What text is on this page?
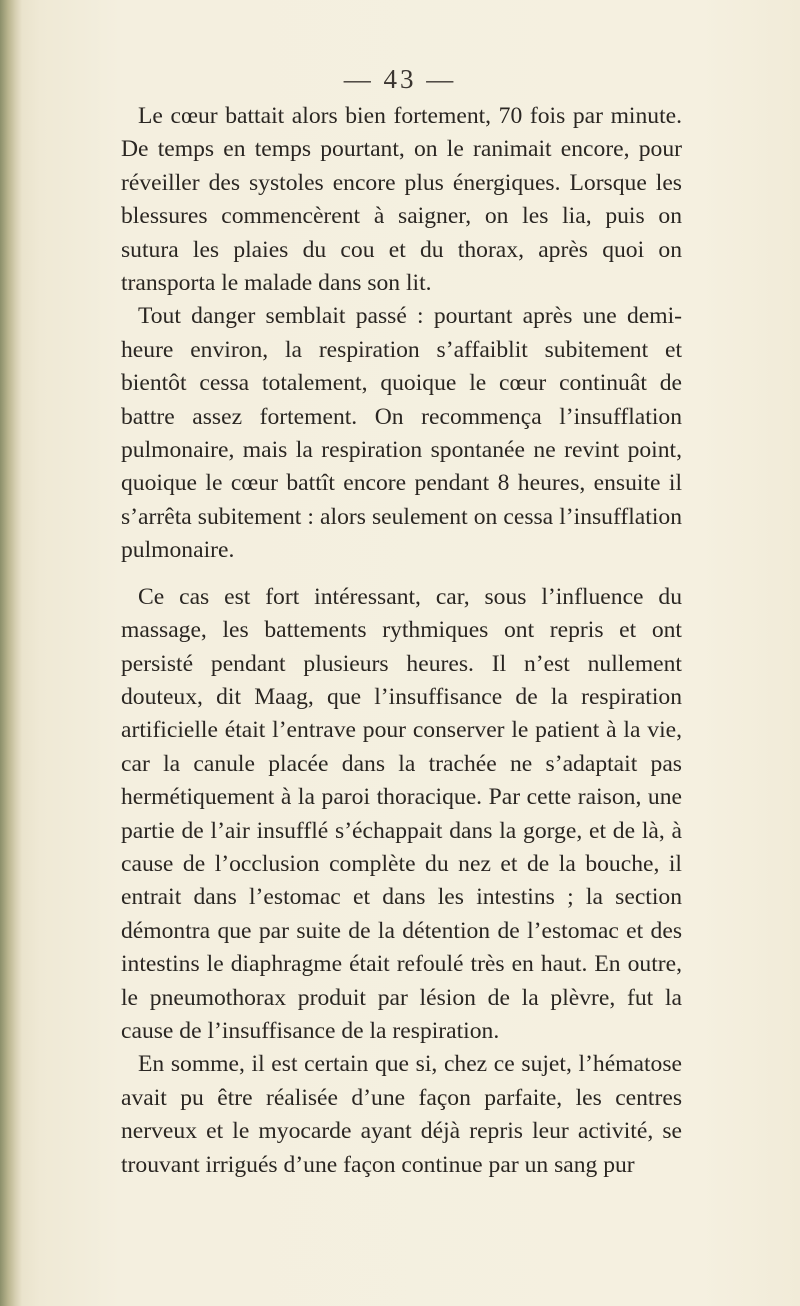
— 43 —

Le cœur battait alors bien fortement, 70 fois par minute. De temps en temps pourtant, on le ranimait encore, pour réveiller des systoles encore plus énergiques. Lorsque les blessures commencèrent à saigner, on les lia, puis on sutura les plaies du cou et du thorax, après quoi on transporta le malade dans son lit.

Tout danger semblait passé : pourtant après une demi-heure environ, la respiration s’affaiblit subitement et bientôt cessa totalement, quoique le cœur continuât de battre assez fortement. On recommença l’insufflation pulmonaire, mais la respiration spontanée ne revint point, quoique le cœur battît encore pendant 8 heures, ensuite il s’arrêta subitement : alors seulement on cessa l’insufflation pulmonaire.

Ce cas est fort intéressant, car, sous l’influence du massage, les battements rythmiques ont repris et ont persisté pendant plusieurs heures. Il n’est nullement douteux, dit Maag, que l’insuffisance de la respiration artificielle était l’entrave pour conserver le patient à la vie, car la canule placée dans la trachée ne s’adaptait pas hermétiquement à la paroi thoracique. Par cette raison, une partie de l’air insufflé s’échappait dans la gorge, et de là, à cause de l’occlusion complète du nez et de la bouche, il entrait dans l’estomac et dans les intestins ; la section démontra que par suite de la détention de l’estomac et des intestins le diaphragme était refoulé très en haut. En outre, le pneumothorax produit par lésion de la plèvre, fut la cause de l’insuffisance de la respiration.

En somme, il est certain que si, chez ce sujet, l’hématose avait pu être réalisée d’une façon parfaite, les centres nerveux et le myocarde ayant déjà repris leur activité, se trouvant irrigués d’une façon continue par un sang pur
